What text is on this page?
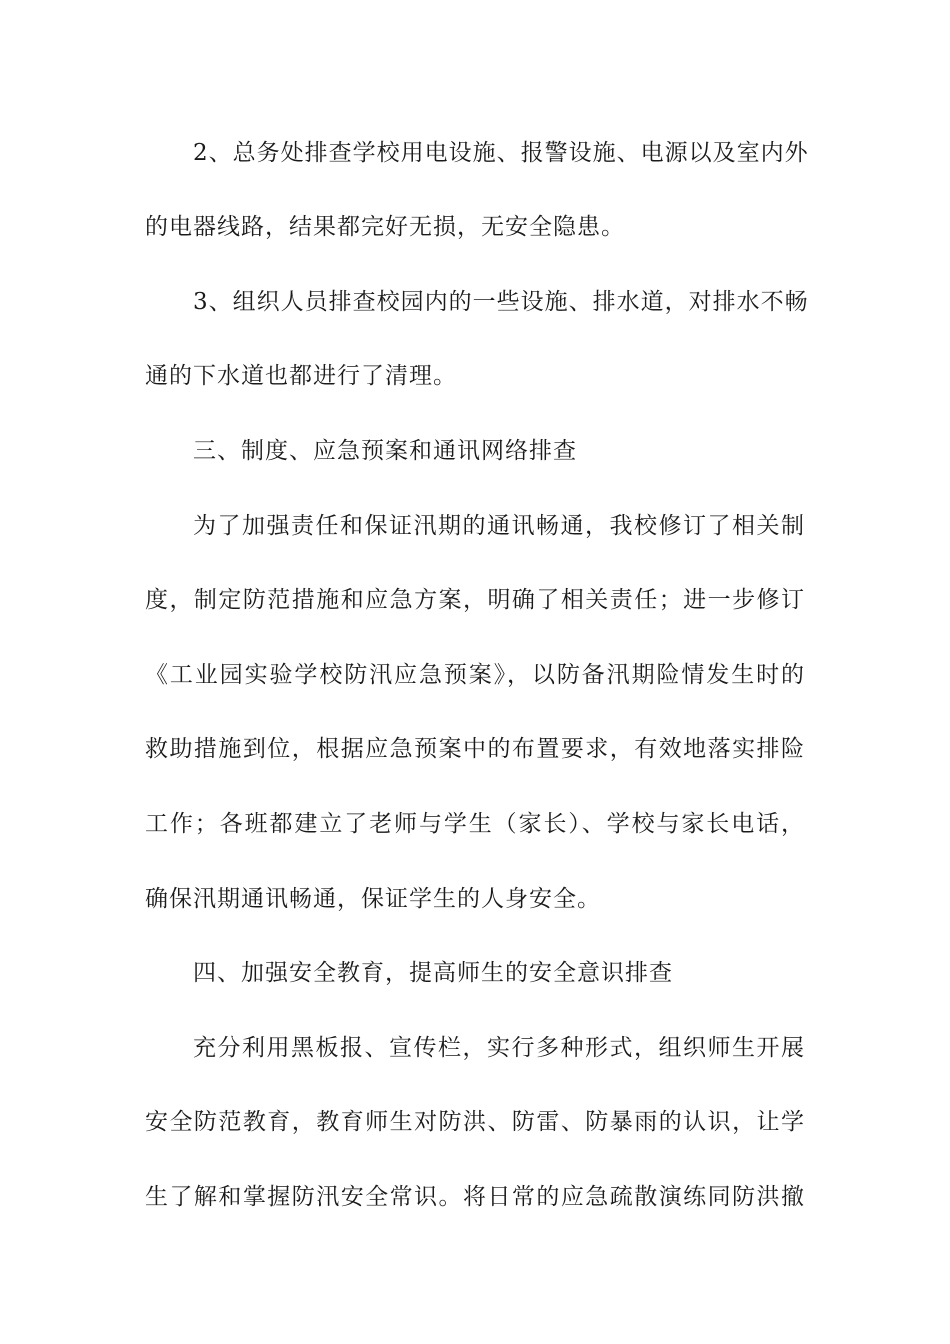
2、总务处排查学校用电设施、报警设施、电源以及室内外
的电器线路，结果都完好无损，无安全隐患。
3、组织人员排查校园内的一些设施、排水道，对排水不畅
通的下水道也都进行了清理。
三、制度、应急预案和通讯网络排查
为了加强责任和保证汛期的通讯畅通，我校修订了相关制
度，制定防范措施和应急方案，明确了相关责任；进一步修订
《工业园实验学校防汛应急预案》，以防备汛期险情发生时的
救助措施到位，根据应急预案中的布置要求，有效地落实排险
工作；各班都建立了老师与学生（家长）、学校与家长电话，
确保汛期通讯畅通，保证学生的人身安全。
四、加强安全教育，提高师生的安全意识排查
充分利用黑板报、宣传栏，实行多种形式，组织师生开展
安全防范教育，教育师生对防洪、防雷、防暴雨的认识，让学
生了解和掌握防汛安全常识。将日常的应急疏散演练同防洪撤
